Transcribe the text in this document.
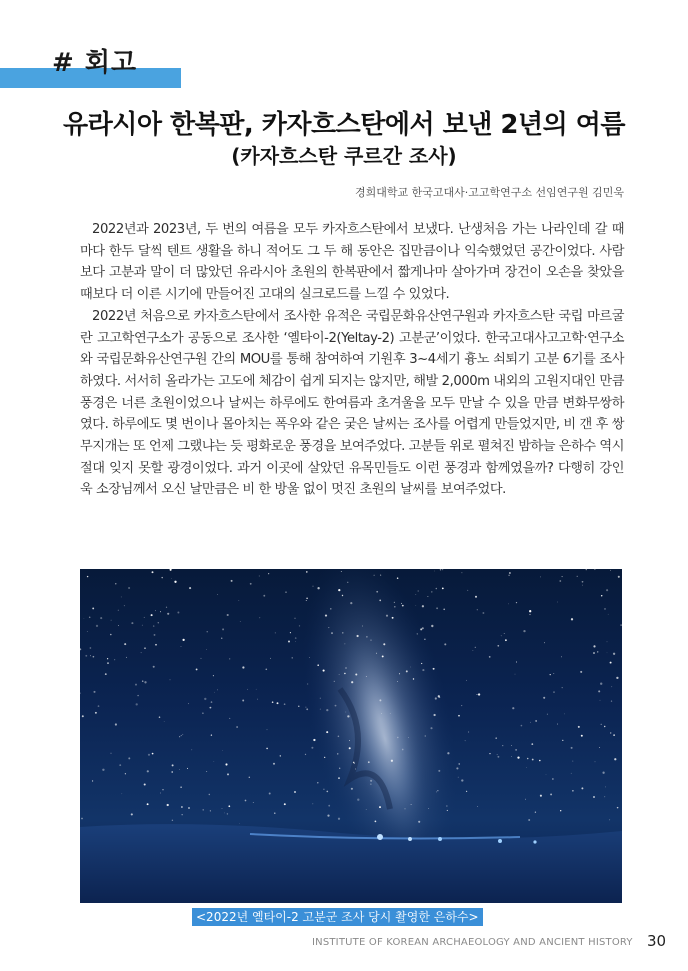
# 회고
유라시아 한복판, 카자흐스탄에서 보낸 2년의 여름
(카자흐스탄 쿠르간 조사)
경희대학교 한국고대사·고고학연구소 선임연구원 김민욱

2022년과 2023년, 두 번의 여름을 모두 카자흐스탄에서 보냈다. 난생처음 가는 나라인데 갈 때마다 한두 달씩 텐트 생활을 하니 적어도 그 두 해 동안은 집만큼이나 익숙했었던 공간이었다. 사람보다 고분과 말이 더 많았던 유라시아 초원의 한복판에서 짧게나마 살아가며 장건이 오손을 찾았을 때보다 더 이른 시기에 만들어진 고대의 실크로드를 느낄 수 있었다.

2022년 처음으로 카자흐스탄에서 조사한 유적은 국립문화유산연구원과 카자흐스탄 국립 마르굴란 고고학연구소가 공동으로 조사한 ‘옐타이-2(Yeltay-2) 고분군’이었다. 한국고대사고고학·연구소와 국립문화유산연구원 간의 MOU를 통해 참여하여 기원후 3~4세기 흉노 쇠퇴기 고분 6기를 조사하였다. 서서히 올라가는 고도에 체감이 쉽게 되지는 않지만, 해발 2,000m 내외의 고원지대인 만큼 풍경은 너른 초원이었으나 날씨는 하루에도 한여름과 초겨울을 모두 만날 수 있을 만큼 변화무쌍하였다. 하루에도 몇 번이나 몰아치는 폭우와 같은 궂은 날씨는 조사를 어렵게 만들었지만, 비 갠 후 쌍무지개는 또 언제 그랬냐는 듯 평화로운 풍경을 보여주었다. 고분들 위로 펼쳐진 밤하늘 은하수 역시 절대 잊지 못할 광경이었다. 과거 이곳에 살았던 유목민들도 이런 풍경과 함께였을까? 다행히 강인욱 소장님께서 오신 날만큼은 비 한 방울 없이 멋진 초원의 날씨를 보여주었다.

<2022년 옐타이-2 고분군 조사 당시 촬영한 은하수>
INSTITUTE OF KOREAN ARCHAEOLOGY AND ANCIENT HISTORY 30
